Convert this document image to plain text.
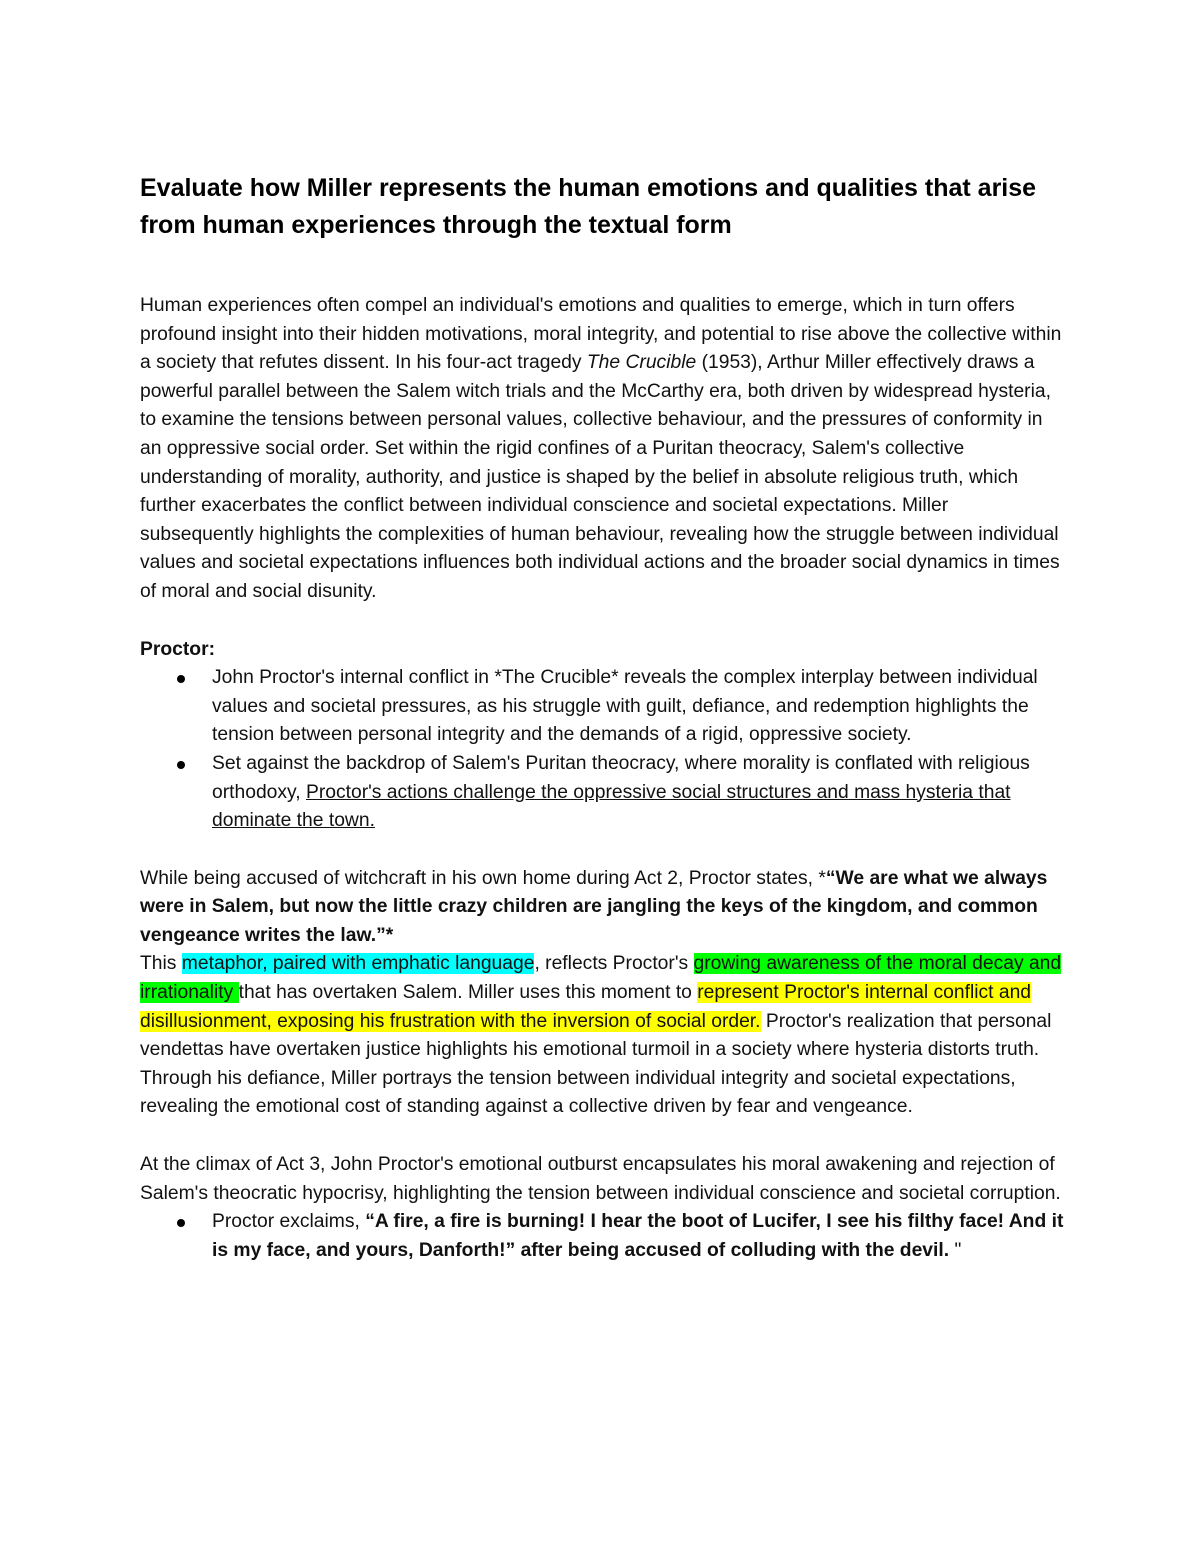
Evaluate how Miller represents the human emotions and qualities that arise from human experiences through the textual form

Human experiences often compel an individual's emotions and qualities to emerge, which in turn offers profound insight into their hidden motivations, moral integrity, and potential to rise above the collective within a society that refutes dissent. In his four-act tragedy The Crucible (1953), Arthur Miller effectively draws a powerful parallel between the Salem witch trials and the McCarthy era, both driven by widespread hysteria, to examine the tensions between personal values, collective behaviour, and the pressures of conformity in an oppressive social order. Set within the rigid confines of a Puritan theocracy, Salem's collective understanding of morality, authority, and justice is shaped by the belief in absolute religious truth, which further exacerbates the conflict between individual conscience and societal expectations. Miller subsequently highlights the complexities of human behaviour, revealing how the struggle between individual values and societal expectations influences both individual actions and the broader social dynamics in times of moral and social disunity.

Proctor:

John Proctor's internal conflict in *The Crucible* reveals the complex interplay between individual values and societal pressures, as his struggle with guilt, defiance, and redemption highlights the tension between personal integrity and the demands of a rigid, oppressive society.
Set against the backdrop of Salem's Puritan theocracy, where morality is conflated with religious orthodoxy, Proctor's actions challenge the oppressive social structures and mass hysteria that dominate the town.

While being accused of witchcraft in his own home during Act 2, Proctor states, *“We are what we always were in Salem, but now the little crazy children are jangling the keys of the kingdom, and common vengeance writes the law.”*

This metaphor, paired with emphatic language, reflects Proctor's growing awareness of the moral decay and irrationality that has overtaken Salem. Miller uses this moment to represent Proctor's internal conflict and disillusionment, exposing his frustration with the inversion of social order. Proctor's realization that personal vendettas have overtaken justice highlights his emotional turmoil in a society where hysteria distorts truth. Through his defiance, Miller portrays the tension between individual integrity and societal expectations, revealing the emotional cost of standing against a collective driven by fear and vengeance.

At the climax of Act 3, John Proctor's emotional outburst encapsulates his moral awakening and rejection of Salem's theocratic hypocrisy, highlighting the tension between individual conscience and societal corruption.

Proctor exclaims, “A fire, a fire is burning! I hear the boot of Lucifer, I see his filthy face! And it is my face, and yours, Danforth!” after being accused of colluding with the devil. "
